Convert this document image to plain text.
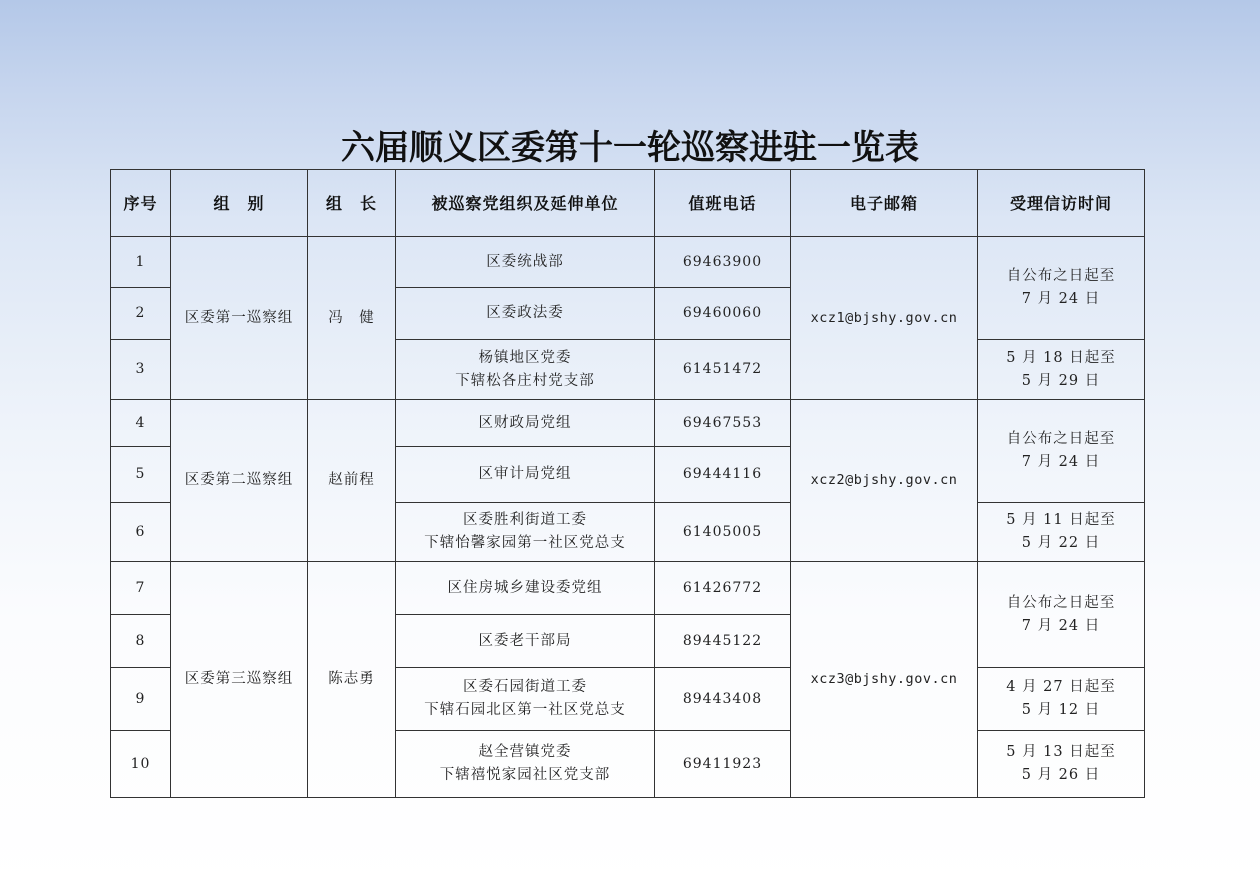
六届顺义区委第十一轮巡察进驻一览表
序号	组　别	组　长	被巡察党组织及延伸单位	值班电话	电子邮箱	受理信访时间
1	区委第一巡察组	冯　健	区委统战部	69463900	xcz1@bjshy.gov.cn	自公布之日起至
7 月 24 日

2			区委政法委	69460060		
3			杨镇地区党委
下辖松各庄村党支部	61451472		5 月 18 日起至
5 月 29 日

4	区委第二巡察组	赵前程	区财政局党组	69467553	xcz2@bjshy.gov.cn	自公布之日起至
7 月 24 日

5			区审计局党组	69444116		
6			区委胜利街道工委
下辖怡馨家园第一社区党总支	61405005		5 月 11 日起至
5 月 22 日

7	区委第三巡察组	陈志勇	区住房城乡建设委党组	61426772	xcz3@bjshy.gov.cn	自公布之日起至
7 月 24 日

8			区委老干部局	89445122		
9			区委石园街道工委
下辖石园北区第一社区党总支	89443408		4 月 27 日起至
5 月 12 日

10			赵全营镇党委
下辖禧悦家园社区党支部	69411923		5 月 13 日起至
5 月 26 日
